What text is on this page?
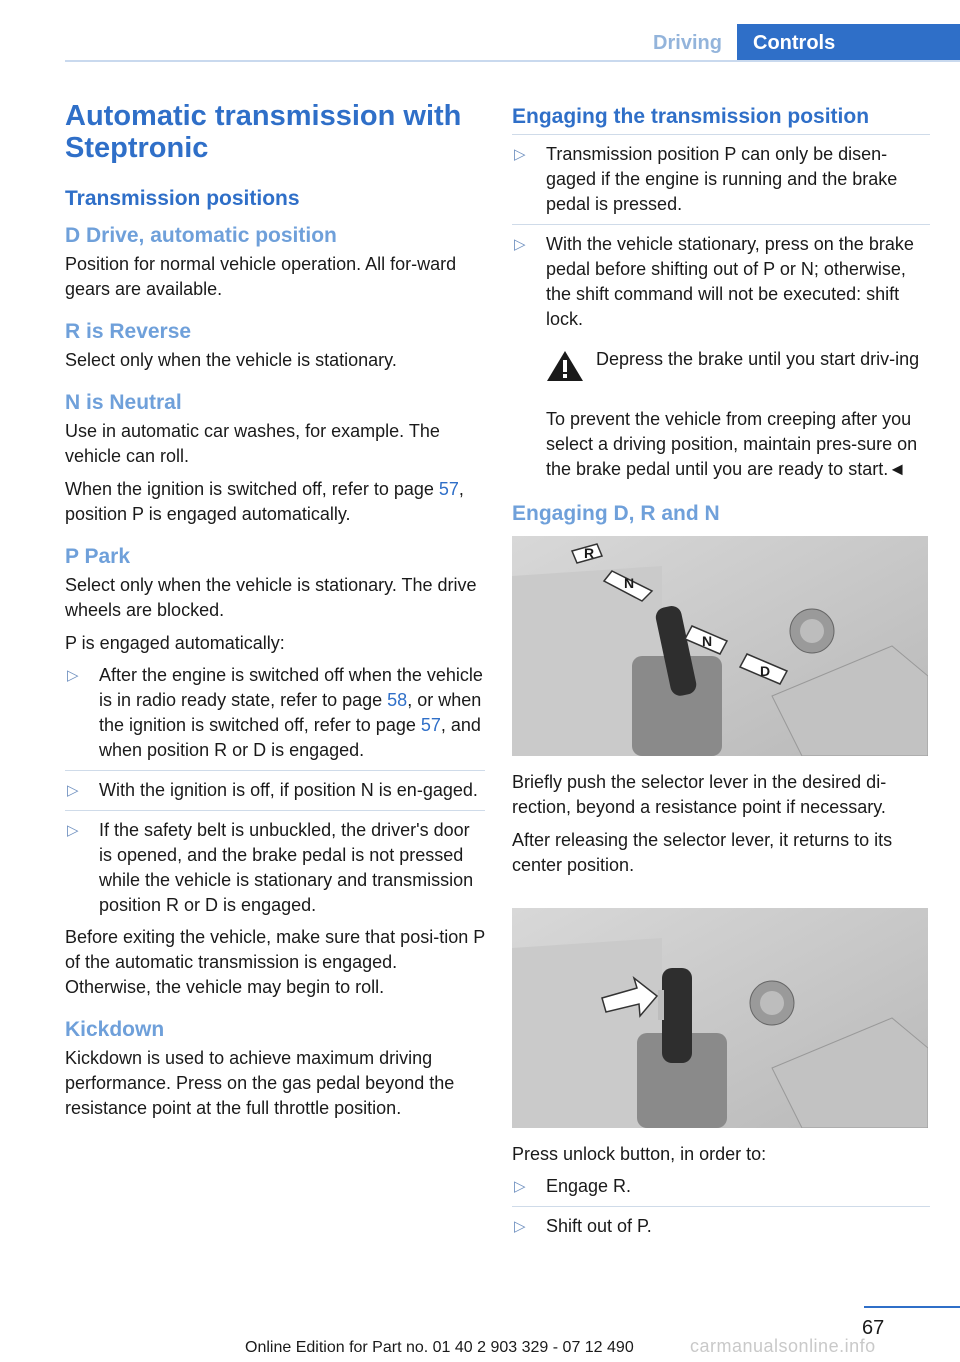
Driving	Controls
Automatic transmission with Steptronic
Transmission positions
D Drive, automatic position

Position for normal vehicle operation. All for-ward gears are available.

R is Reverse

Select only when the vehicle is stationary.

N is Neutral

Use in automatic car washes, for example. The vehicle can roll.

When the ignition is switched off, refer to page 57, position P is engaged automatically.

P Park

Select only when the vehicle is stationary. The drive wheels are blocked.

P is engaged automatically:

▷ After the engine is switched off when the vehicle is in radio ready state, refer to page 58, or when the ignition is switched off, refer to page 57, and when position R or D is engaged.
▷ With the ignition is off, if position N is en-gaged.
▷ If the safety belt is unbuckled, the driver's door is opened, and the brake pedal is not pressed while the vehicle is stationary and transmission position R or D is engaged.

Before exiting the vehicle, make sure that posi-tion P of the automatic transmission is engaged. Otherwise, the vehicle may begin to roll.

Kickdown

Kickdown is used to achieve maximum driving performance. Press on the gas pedal beyond the resistance point at the full throttle position.

Engaging the transmission position
▷ Transmission position P can only be disen-gaged if the engine is running and the brake pedal is pressed.
▷ With the vehicle stationary, press on the brake pedal before shifting out of P or N; otherwise, the shift command will not be executed: shift lock.

Depress the brake until you start driv-ing

To prevent the vehicle from creeping after you select a driving position, maintain pres-sure on the brake pedal until you are ready to start.◄

Engaging D, R and N
R
N
N
D

Briefly push the selector lever in the desired di-rection, beyond a resistance point if necessary.

After releasing the selector lever, it returns to its center position.

Press unlock button, in order to:

▷ Engage R.
▷ Shift out of P.
67
Online Edition for Part no. 01 40 2 903 329 - 07 12 490	carmanualsonline.info
